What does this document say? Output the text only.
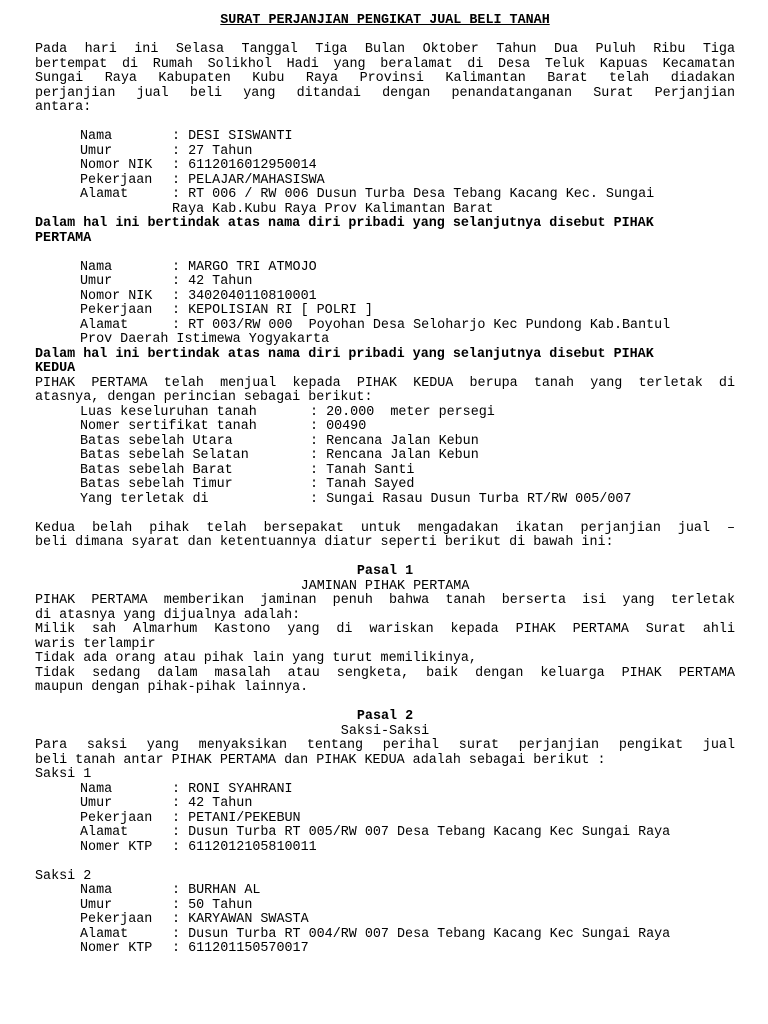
SURAT PERJANJIAN PENGIKAT JUAL BELI TANAH
Pada hari ini Selasa Tanggal Tiga Bulan Oktober Tahun Dua Puluh Ribu Tiga
bertempat di Rumah Solikhol Hadi yang beralamat di Desa Teluk Kapuas Kecamatan
Sungai Raya Kabupaten Kubu Raya Provinsi Kalimantan Barat telah diadakan
perjanjian jual beli yang ditandai dengan penandatanganan Surat Perjanjian
antara:
Nama	: DESI SISWANTI
Umur	: 27 Tahun
Nomor NIK : 6112016012950014
Pekerjaan : PELAJAR/MAHASISWA
Alamat	: RT 006 / RW 006 Dusun Turba Desa Tebang Kacang Kec. Sungai
Raya Kab.Kubu Raya Prov Kalimantan Barat
Dalam hal ini bertindak atas nama diri pribadi yang selanjutnya disebut PIHAK
PERTAMA
Nama	: MARGO TRI ATMOJO
Umur	: 42 Tahun
Nomor NIK : 3402040110810001
Pekerjaan : KEPOLISIAN RI [ POLRI ]
Alamat	: RT 003/RW 000  Poyohan Desa Seloharjo Kec Pundong Kab.Bantul
Prov Daerah Istimewa Yogyakarta
Dalam hal ini bertindak atas nama diri pribadi yang selanjutnya disebut PIHAK
KEDUA
PIHAK PERTAMA telah menjual kepada PIHAK KEDUA berupa tanah yang terletak di
atasnya, dengan perincian sebagai berikut:
Luas keseluruhan tanah	: 20.000  meter persegi
Nomer sertifikat tanah	: 00490
Batas sebelah Utara	: Rencana Jalan Kebun
Batas sebelah Selatan	: Rencana Jalan Kebun
Batas sebelah Barat	: Tanah Santi
Batas sebelah Timur	: Tanah Sayed
Yang terletak di	: Sungai Rasau Dusun Turba RT/RW 005/007
Kedua belah pihak telah bersepakat untuk mengadakan ikatan perjanjian jual –
beli dimana syarat dan ketentuannya diatur seperti berikut di bawah ini:
Pasal 1
JAMINAN PIHAK PERTAMA
PIHAK PERTAMA memberikan jaminan penuh bahwa tanah berserta isi yang terletak
di atasnya yang dijualnya adalah:
Milik sah Almarhum Kastono yang di wariskan kepada PIHAK PERTAMA Surat ahli
waris terlampir
Tidak ada orang atau pihak lain yang turut memilikinya,
Tidak sedang dalam masalah atau sengketa, baik dengan keluarga PIHAK PERTAMA
maupun dengan pihak-pihak lainnya.
Pasal 2
Saksi-Saksi
Para saksi yang menyaksikan tentang perihal surat perjanjian pengikat jual
beli tanah antar PIHAK PERTAMA dan PIHAK KEDUA adalah sebagai berikut :
Saksi 1
Nama	: RONI SYAHRANI
Umur	: 42 Tahun
Pekerjaan : PETANI/PEKEBUN
Alamat	: Dusun Turba RT 005/RW 007 Desa Tebang Kacang Kec Sungai Raya
Nomer KTP : 6112012105810011
Saksi 2
Nama	: BURHAN AL
Umur	: 50 Tahun
Pekerjaan : KARYAWAN SWASTA
Alamat	: Dusun Turba RT 004/RW 007 Desa Tebang Kacang Kec Sungai Raya
Nomer KTP : 611201150570017
